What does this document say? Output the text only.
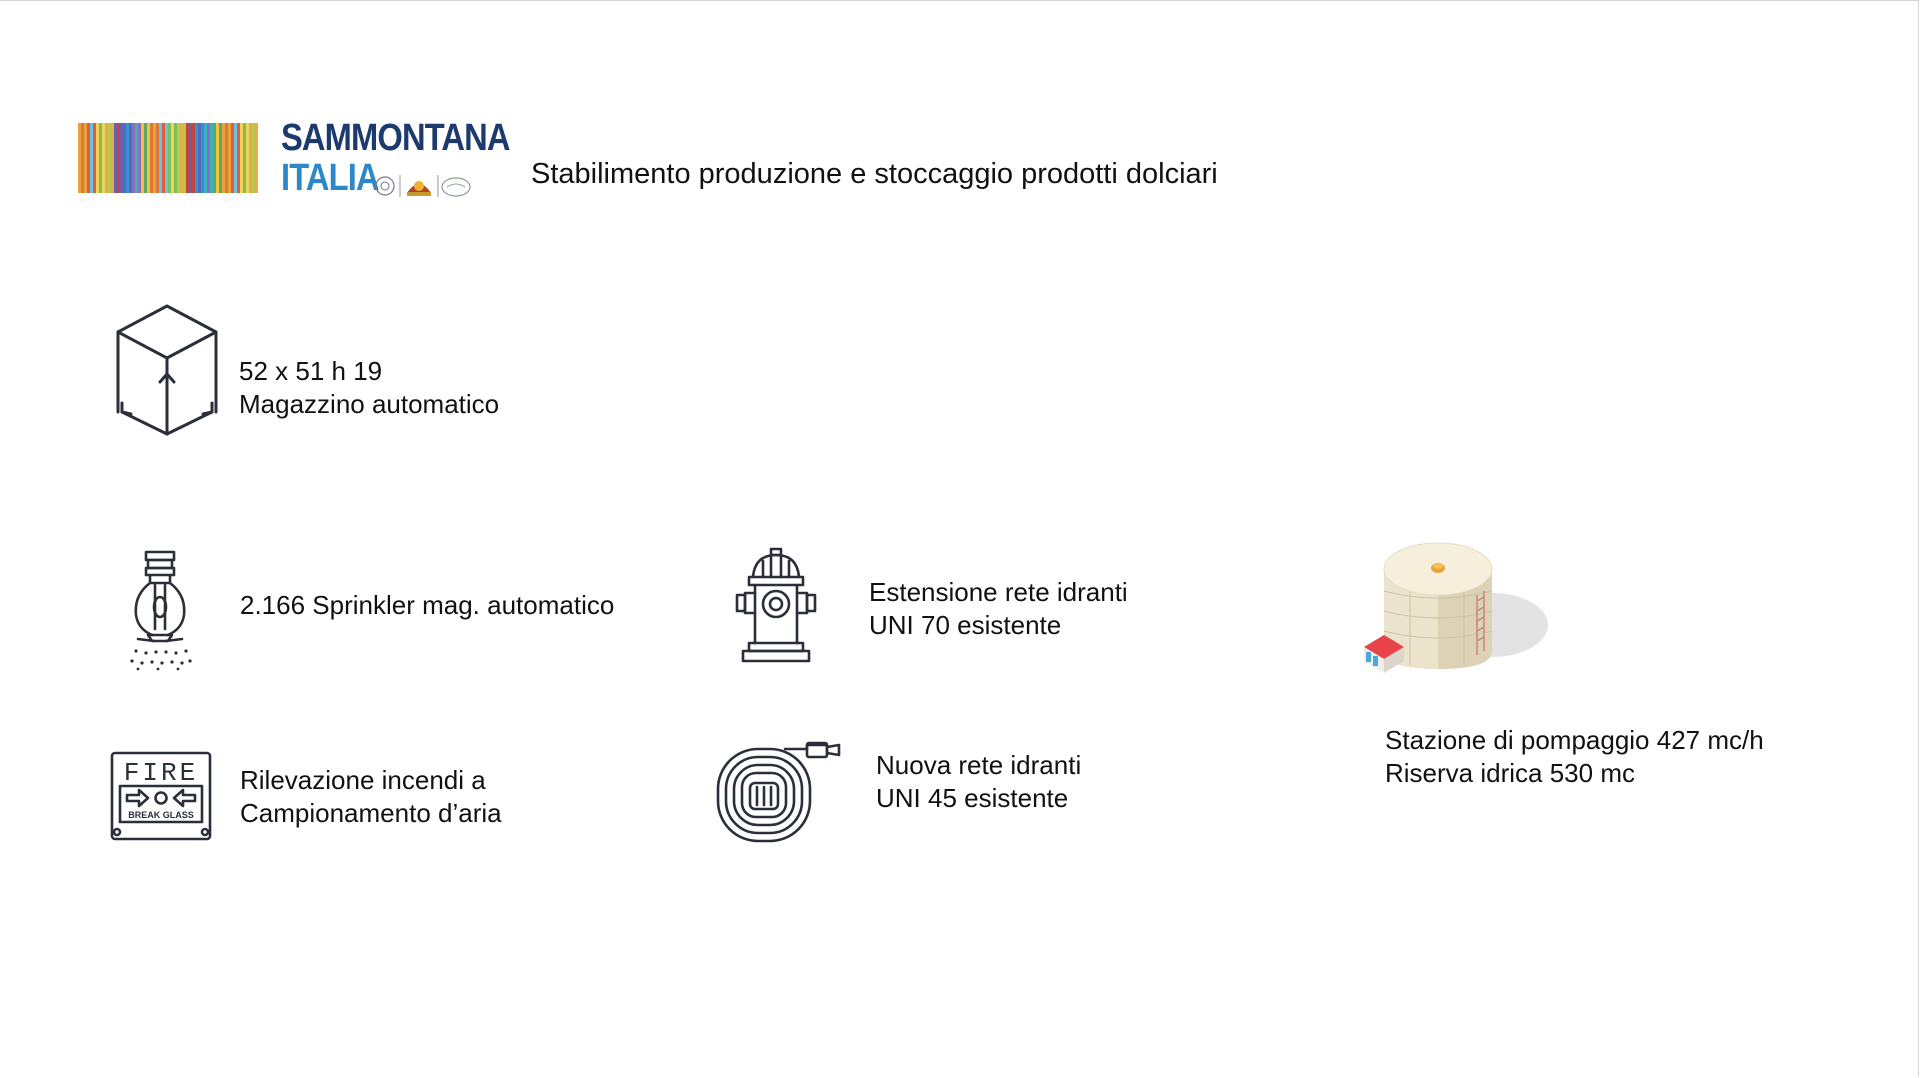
SAMMONTANA
ITALIA	Stabilimento produzione e stoccaggio prodotti dolciari
52 x 51 h 19
Magazzino automatico
2.166 Sprinkler mag. automatico
FIRE
BREAK GLASS
Rilevazione incendi a
Campionamento d’aria
Estensione rete idranti
UNI 70 esistente
Nuova rete idranti
UNI 45 esistente
Stazione di pompaggio 427 mc/h
Riserva idrica 530 mc
